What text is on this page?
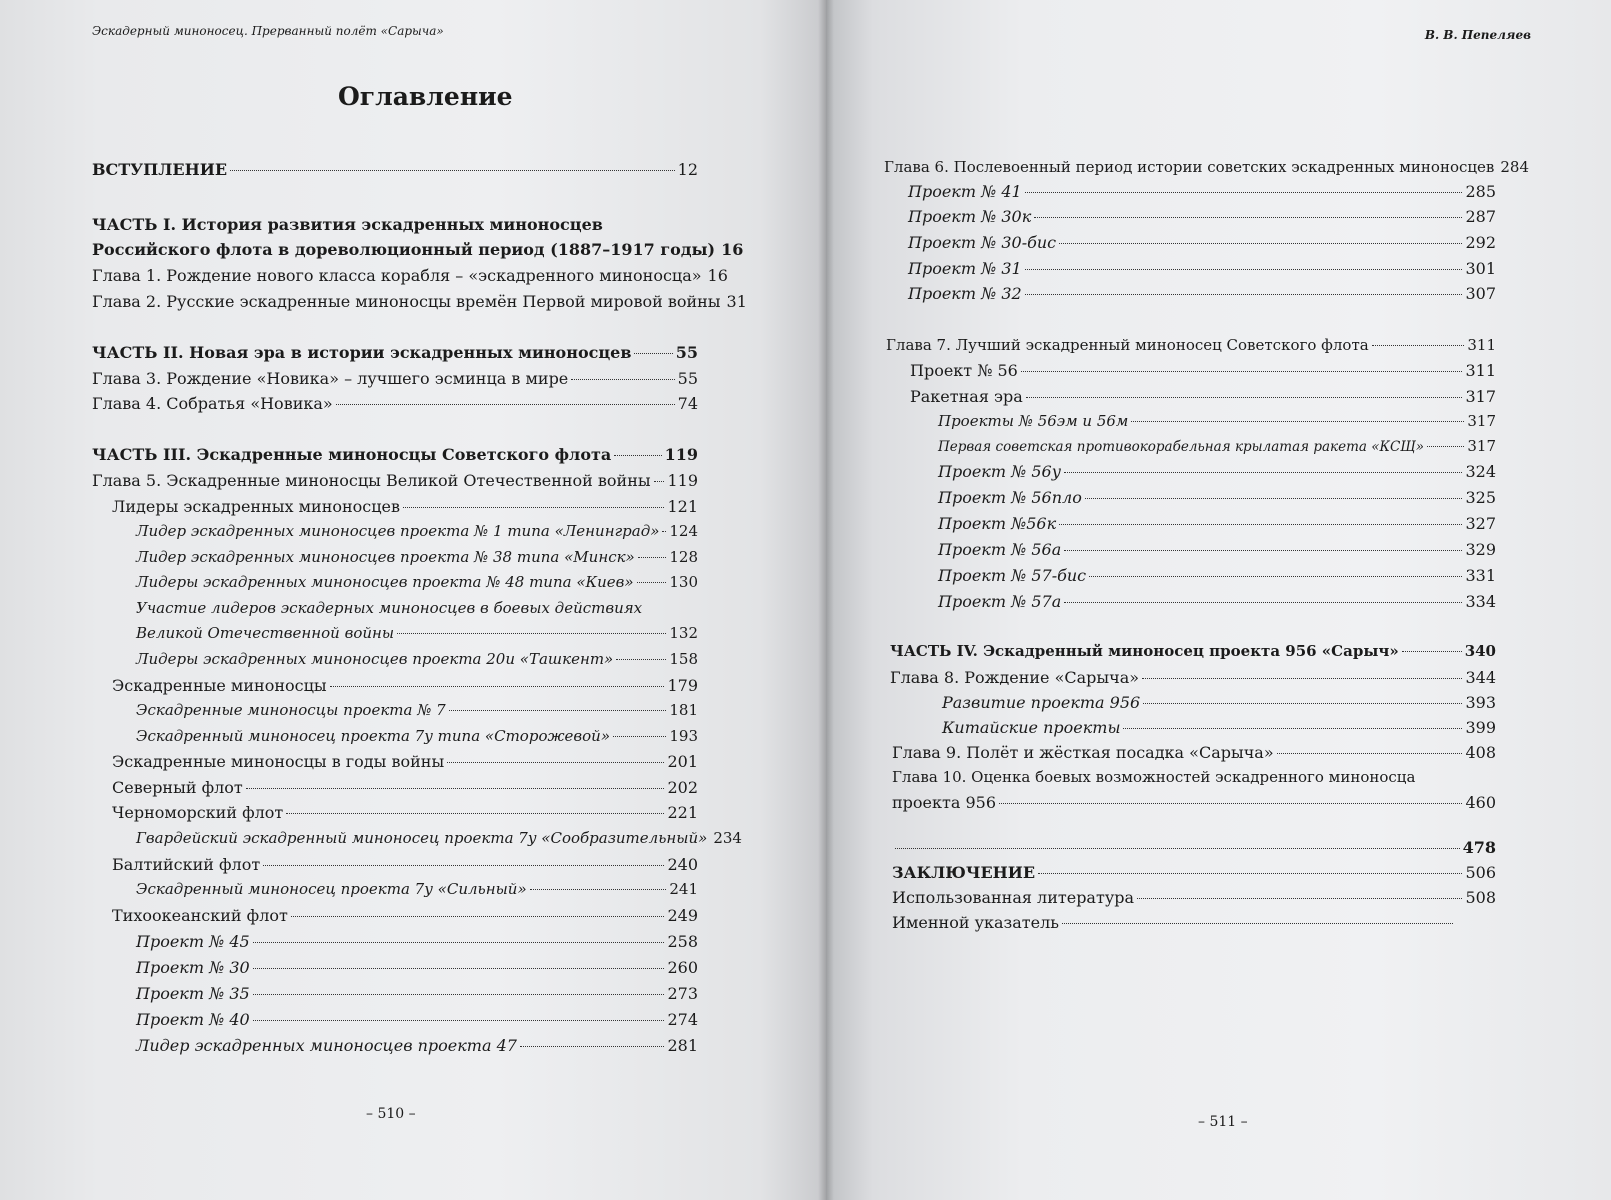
Эскадерный миноносец. Прерванный полёт «Сарыча»
Оглавление
ВСТУПЛЕНИЕ	12
ЧАСТЬ I. История развития эскадренных миноносцев
Российского флота в дореволюционный период (1887–1917 годы) 16
Глава 1. Рождение нового класса корабля – «эскадренного миноносца» 16
Глава 2. Русские эскадренные миноносцы времён Первой мировой войны 31
ЧАСТЬ II. Новая эра в истории эскадренных миноносцев	55
Глава 3. Рождение «Новика» – лучшего эсминца в мире	55
Глава 4. Собратья «Новика»	74
ЧАСТЬ III. Эскадренные миноносцы Советского флота	119
Глава 5. Эскадренные миноносцы Великой Отечественной войны 119
Лидеры эскадренных миноносцев	121
Лидер эскадренных миноносцев проекта № 1 типа «Ленинград» 124
Лидер эскадренных миноносцев проекта № 38 типа «Минск» 128
Лидеры эскадренных миноносцев проекта № 48 типа «Киев» 130
Участие лидеров эскадерных миноносцев в боевых действиях
Великой Отечественной войны	132
Лидеры эскадренных миноносцев проекта 20и «Ташкент»	158
Эскадренные миноносцы	179
Эскадренные миноносцы проекта № 7	181
Эскадренный миноносец проекта 7у типа «Сторожевой»	193
Эскадренные миноносцы в годы войны	201
Северный флот	202
Черноморский флот	221
Гвардейский эскадренный миноносец проекта 7у «Сообразительный» 234
Балтийский флот	240
Эскадренный миноносец проекта 7у «Сильный»	241
Тихоокеанский флот	249
Проект № 45	258
Проект № 30	260
Проект № 35	273
Проект № 40	274
Лидер эскадренных миноносцев проекта 47	281
– 510 –
В. В. Пепеляев
Глава 6. Послевоенный период истории советских эскадренных миноносцев 284
Проект № 41	285
Проект № 30к	287
Проект № 30-бис	292
Проект № 31	301
Проект № 32	307
Глава 7. Лучший эскадренный миноносец Советского флота	311
Проект № 56	311
Ракетная эра	317
Проекты № 56эм и 56м	317
Первая советская противокорабельная крылатая ракета «КСЩ»	317
Проект № 56у	324
Проект № 56пло	325
Проект №56к	327
Проект № 56а	329
Проект № 57-бис	331
Проект № 57а	334
ЧАСТЬ IV. Эскадренный миноносец проекта 956 «Сарыч»	340
Глава 8. Рождение «Сарыча»	344
Развитие проекта 956	393
Китайские проекты	399
Глава 9. Полёт и жёсткая посадка «Сарыча»	408
Глава 10. Оценка боевых возможностей эскадренного миноносца
проекта 956	460
478
ЗАКЛЮЧЕНИЕ	506
Использованная литература	508
Именной указатель
– 511 –
